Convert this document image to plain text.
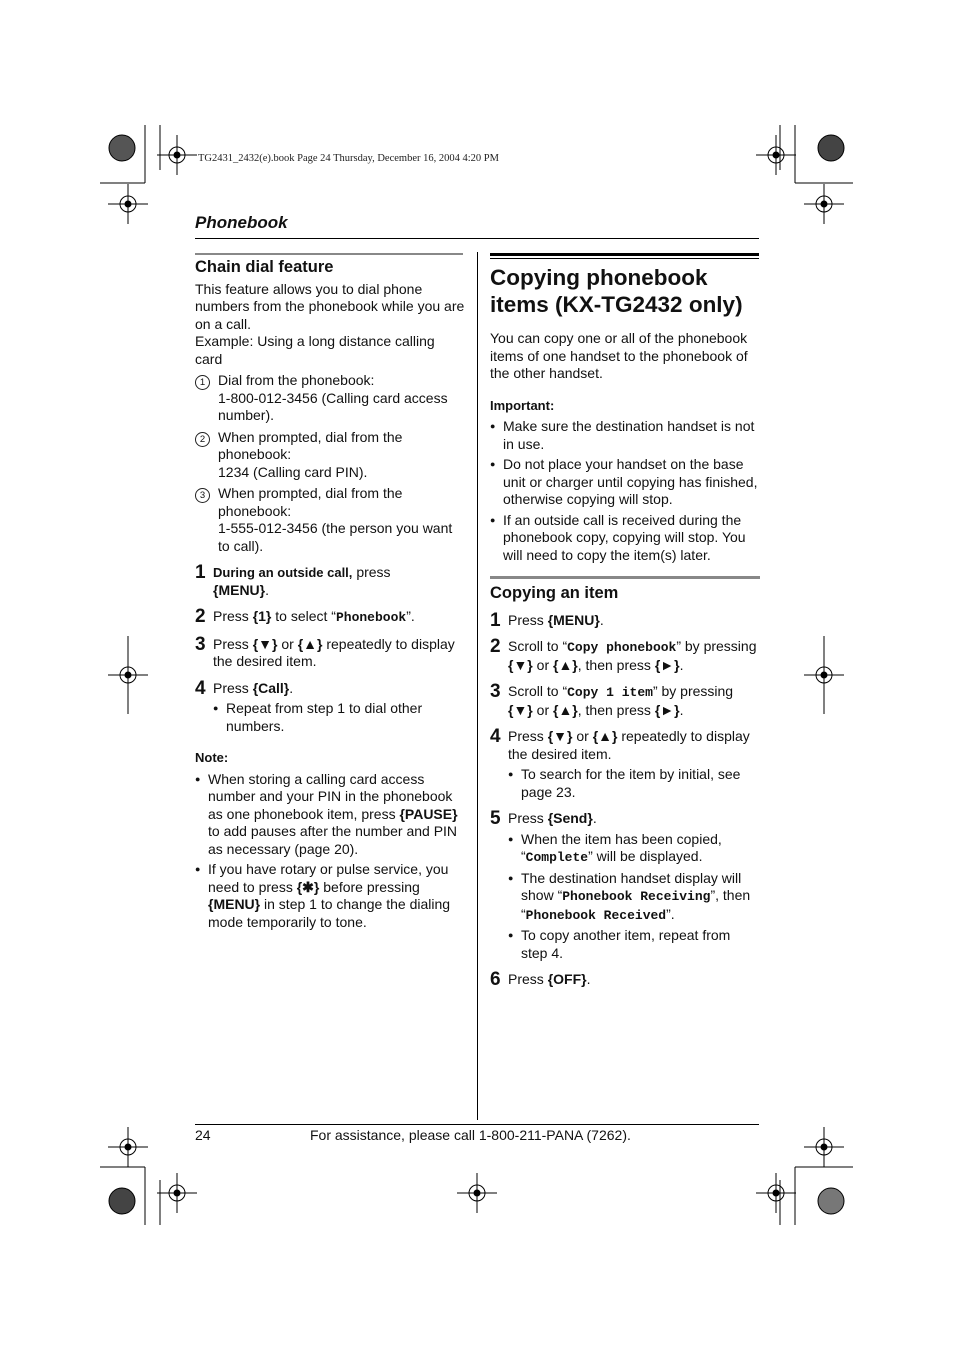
TG2431_2432(e).book Page 24 Thursday, December 16, 2004 4:20 PM
Phonebook
Chain dial feature

This feature allows you to dial phone numbers from the phonebook while you are on a call.

Example: Using a long distance calling card

1 Dial from the phonebook:

1-800-012-3456 (Calling card access number).

2 When prompted, dial from the phonebook:

1234 (Calling card PIN).

3 When prompted, dial from the phonebook:

1-555-012-3456 (the person you want to call).

1 During an outside call, press
{MENU}.
2 Press {1} to select “Phonebook”.
3 Press {▼} or {▲} repeatedly to display the desired item.
4 Press {Call}.
● Repeat from step 1 to dial other numbers.
Note:
● When storing a calling card access number and your PIN in the phonebook as one phonebook item, press {PAUSE} to add pauses after the number and PIN as necessary (page 20).
● If you have rotary or pulse service, you need to press {✱} before pressing {MENU} in step 1 to change the dialing mode temporarily to tone.
Copying phonebook items (KX-TG2432 only)

You can copy one or all of the phonebook items of one handset to the phonebook of the other handset.

Important:
● Make sure the destination handset is not in use.
● Do not place your handset on the base unit or charger until copying has finished, otherwise copying will stop.
● If an outside call is received during the phonebook copy, copying will stop. You will need to copy the item(s) later.
Copying an item
1 Press {MENU}.
2 Scroll to “Copy phonebook” by pressing {▼} or {▲}, then press {►}.
3 Scroll to “Copy 1 item” by pressing {▼} or {▲}, then press {►}.
4 Press {▼} or {▲} repeatedly to display the desired item.
● To search for the item by initial, see page 23.
5 Press {Send}.
● When the item has been copied, “Complete” will be displayed.
● The destination handset display will show “Phonebook Receiving”, then “Phonebook Received”.
● To copy another item, repeat from step 4.
6 Press {OFF}.
24	For assistance, please call 1-800-211-PANA (7262).
